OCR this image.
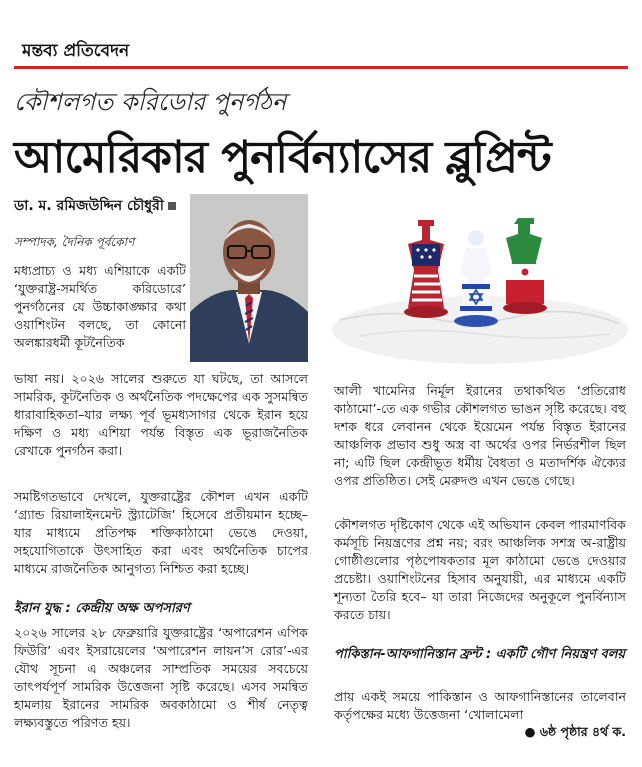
মন্তব্য প্রতিবেদন
কৌশলগত করিডোর পুনর্গঠন
আমেরিকার পুনর্বিন্যাসের ব্লুপ্রিন্ট
ডা. ম. রমিজউদ্দিন চৌধুরী
সম্পাদক, দৈনিক পূর্বকোণ
মধ্যপ্রাচ্য ও মধ্য এশিয়াকে একটি ‘যুক্তরাষ্ট্র-সমর্থিত করিডোরে’ পুনর্গঠনের যে উচ্চাকাঙ্ক্ষার কথা ওয়াশিংটন বলছে, তা কোনো অলঙ্কারধর্মী কূটনৈতিক
ভাষা নয়। ২০২৬ সালের শুরুতে যা ঘটছে, তা আসলে সামরিক, কূটনৈতিক ও অর্থনৈতিক পদক্ষেপের এক সুসমন্বিত ধারাবাহিকতা–যার লক্ষ্য পূর্ব ভূমধ্যসাগর থেকে ইরান হয়ে দক্ষিণ ও মধ্য এশিয়া পর্যন্ত বিস্তৃত এক ভূরাজনৈতিক রেখাকে পুনর্গঠন করা।
সমষ্টিগতভাবে দেখলে, যুক্তরাষ্ট্রের কৌশল এখন একটি ‘গ্র্যান্ড রিয়ালাইনমেন্ট স্ট্র্যাটেজি’ হিসেবে প্রতীয়মান হচ্ছে–যার মাধ্যমে প্রতিপক্ষ শক্তিকাঠামো ভেঙে দেওয়া, সহযোগিতাকে উৎসাহিত করা এবং অর্থনৈতিক চাপের মাধ্যমে রাজনৈতিক আনুগত্য নিশ্চিত করা হচ্ছে।
ইরান যুদ্ধ : কেন্দ্রীয় অক্ষ অপসারণ
২০২৬ সালের ২৮ ফেব্রুয়ারি যুক্তরাষ্ট্রের ‘অপারেশন এপিক ফিউরি’ এবং ইসরায়েলের ‘অপারেশন লায়ন’স রোর’-এর যৌথ সূচনা এ অঞ্চলের সাম্প্রতিক সময়ের সবচেয়ে তাৎপর্যপূর্ণ সামরিক উত্তেজনা সৃষ্টি করেছে। এসব সমন্বিত হামলায় ইরানের সামরিক অবকাঠামো ও শীর্ষ নেতৃত্ব লক্ষ্যবস্তুতে পরিণত হয়।
আলী খামেনির নির্মূল ইরানের তথাকথিত ‘প্রতিরোধ কাঠামো’-তে এক গভীর কৌশলগত ভাঙন সৃষ্টি করেছে। বহু দশক ধরে লেবানন থেকে ইয়েমেন পর্যন্ত বিস্তৃত ইরানের আঞ্চলিক প্রভাব শুধু অস্ত্র বা অর্থের ওপর নির্ভরশীল ছিল না; এটি ছিল কেন্দ্রীভূত ধর্মীয় বৈধতা ও মতাদর্শিক ঐক্যের ওপর প্রতিষ্ঠিত। সেই মেরুদণ্ড এখন ভেঙে গেছে।
কৌশলগত দৃষ্টিকোণ থেকে এই অভিযান কেবল পারমাণবিক কর্মসূচি নিয়ন্ত্রণের প্রশ্ন নয়; বরং আঞ্চলিক সশস্ত্র অ-রাষ্ট্রীয় গোষ্ঠীগুলোর পৃষ্ঠপোষকতার মূল কাঠামো ভেঙে দেওয়ার প্রচেষ্টা। ওয়াশিংটনের হিসাব অনুযায়ী, এর মাধ্যমে একটি শূন্যতা তৈরি হবে– যা তারা নিজেদের অনুকূলে পুনর্বিন্যাস করতে চায়।
পাকিস্তান-আফগানিস্তান ফ্রন্ট : একটি গৌণ নিয়ন্ত্রণ বলয়
প্রায় একই সময়ে পাকিস্তান ও আফগানিস্তানের তালেবান কর্তৃপক্ষের মধ্যে উত্তেজনা ‘খোলামেলা
● ৬ষ্ঠ পৃষ্ঠার ৪র্থ ক.
